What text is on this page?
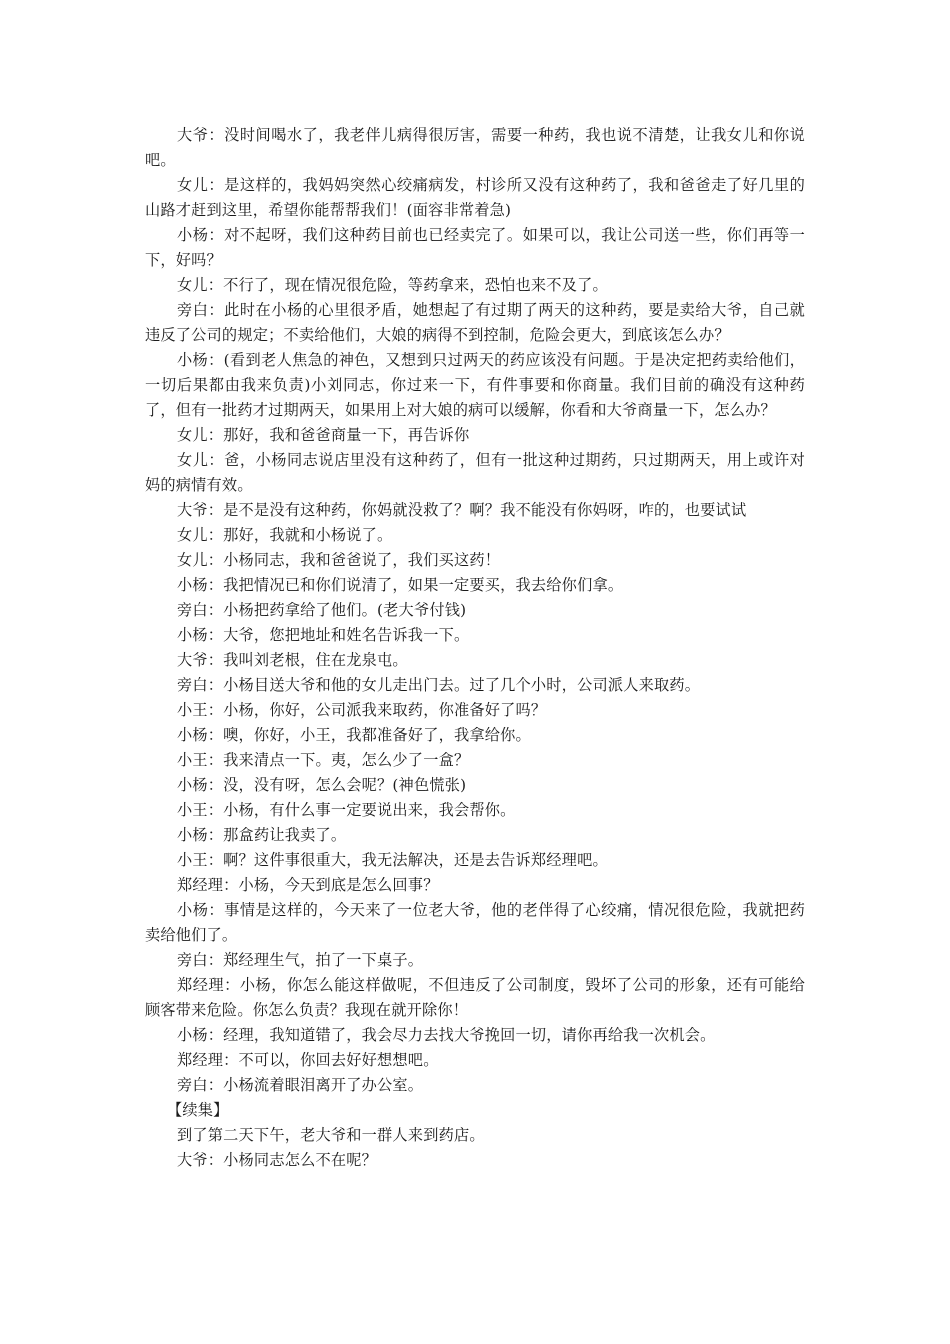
大爷：没时间喝水了，我老伴儿病得很厉害，需要一种药，我也说不清楚，让我女儿和你说吧。

女儿：是这样的，我妈妈突然心绞痛病发，村诊所又没有这种药了，我和爸爸走了好几里的山路才赶到这里，希望你能帮帮我们！(面容非常着急)

小杨：对不起呀，我们这种药目前也已经卖完了。如果可以，我让公司送一些，你们再等一下，好吗？

女儿：不行了，现在情况很危险，等药拿来，恐怕也来不及了。

旁白：此时在小杨的心里很矛盾，她想起了有过期了两天的这种药，要是卖给大爷，自己就违反了公司的规定；不卖给他们，大娘的病得不到控制，危险会更大，到底该怎么办？

小杨：(看到老人焦急的神色，又想到只过两天的药应该没有问题。于是决定把药卖给他们，一切后果都由我来负责)小刘同志，你过来一下，有件事要和你商量。我们目前的确没有这种药了，但有一批药才过期两天，如果用上对大娘的病可以缓解，你看和大爷商量一下，怎么办？

女儿：那好，我和爸爸商量一下，再告诉你

女儿：爸，小杨同志说店里没有这种药了，但有一批这种过期药，只过期两天，用上或许对妈的病情有效。

大爷：是不是没有这种药，你妈就没救了？啊？我不能没有你妈呀，咋的，也要试试

女儿：那好，我就和小杨说了。

女儿：小杨同志，我和爸爸说了，我们买这药！

小杨：我把情况已和你们说清了，如果一定要买，我去给你们拿。

旁白：小杨把药拿给了他们。(老大爷付钱)

小杨：大爷，您把地址和姓名告诉我一下。

大爷：我叫刘老根，住在龙泉屯。

旁白：小杨目送大爷和他的女儿走出门去。过了几个小时，公司派人来取药。

小王：小杨，你好，公司派我来取药，你准备好了吗？

小杨：噢，你好，小王，我都准备好了，我拿给你。

小王：我来清点一下。夷，怎么少了一盒？

小杨：没，没有呀，怎么会呢？(神色慌张)

小王：小杨，有什么事一定要说出来，我会帮你。

小杨：那盒药让我卖了。

小王：啊？这件事很重大，我无法解决，还是去告诉郑经理吧。

郑经理：小杨，今天到底是怎么回事？

小杨：事情是这样的，今天来了一位老大爷，他的老伴得了心绞痛，情况很危险，我就把药卖给他们了。

旁白：郑经理生气，拍了一下桌子。

郑经理：小杨，你怎么能这样做呢，不但违反了公司制度，毁坏了公司的形象，还有可能给顾客带来危险。你怎么负责？我现在就开除你！

小杨：经理，我知道错了，我会尽力去找大爷挽回一切，请你再给我一次机会。

郑经理：不可以，你回去好好想想吧。

旁白：小杨流着眼泪离开了办公室。

【续集】

到了第二天下午，老大爷和一群人来到药店。

大爷：小杨同志怎么不在呢？
